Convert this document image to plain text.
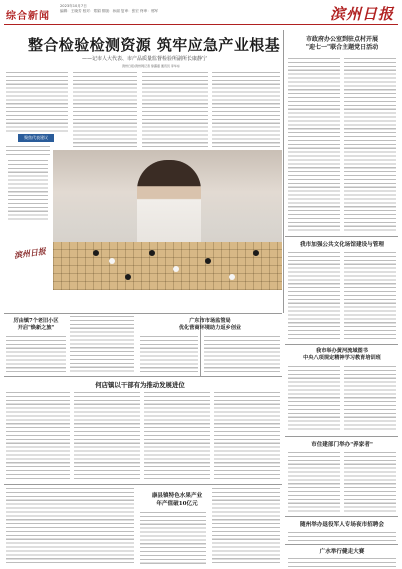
综合新闻
2023年10月7日
编辑：王晓芳 校对：郑娟 排版：孙丽 复审：张宏 终审：邢军	滨州日报
整合检验检测资源 筑牢应急产业根基
——记市人大代表、市产品质量监督检验所副所长康静宁
滨州日报/滨州网记者 徐露嘉 通讯员 李华东
聚焦代表建议
滨州日报
市政府办公室到驻点村开展
"迎七一"联合主题党日活动
我市加强公共文化场馆建设与管理
我市举办黄河流域图书
中央八项规定精神学习教育培训班
市住建部门举办"养家者"
随州举办退役军人专场夜市招聘会
广水举行健走大赛
厉由镇7个老旧小区
开启"焕新之旅"
广东市市场监管局
优化营商环境助力返乡创业
何店镇以干部有为推动发展进位
康县镇特色水果产业
年产值破10亿元
